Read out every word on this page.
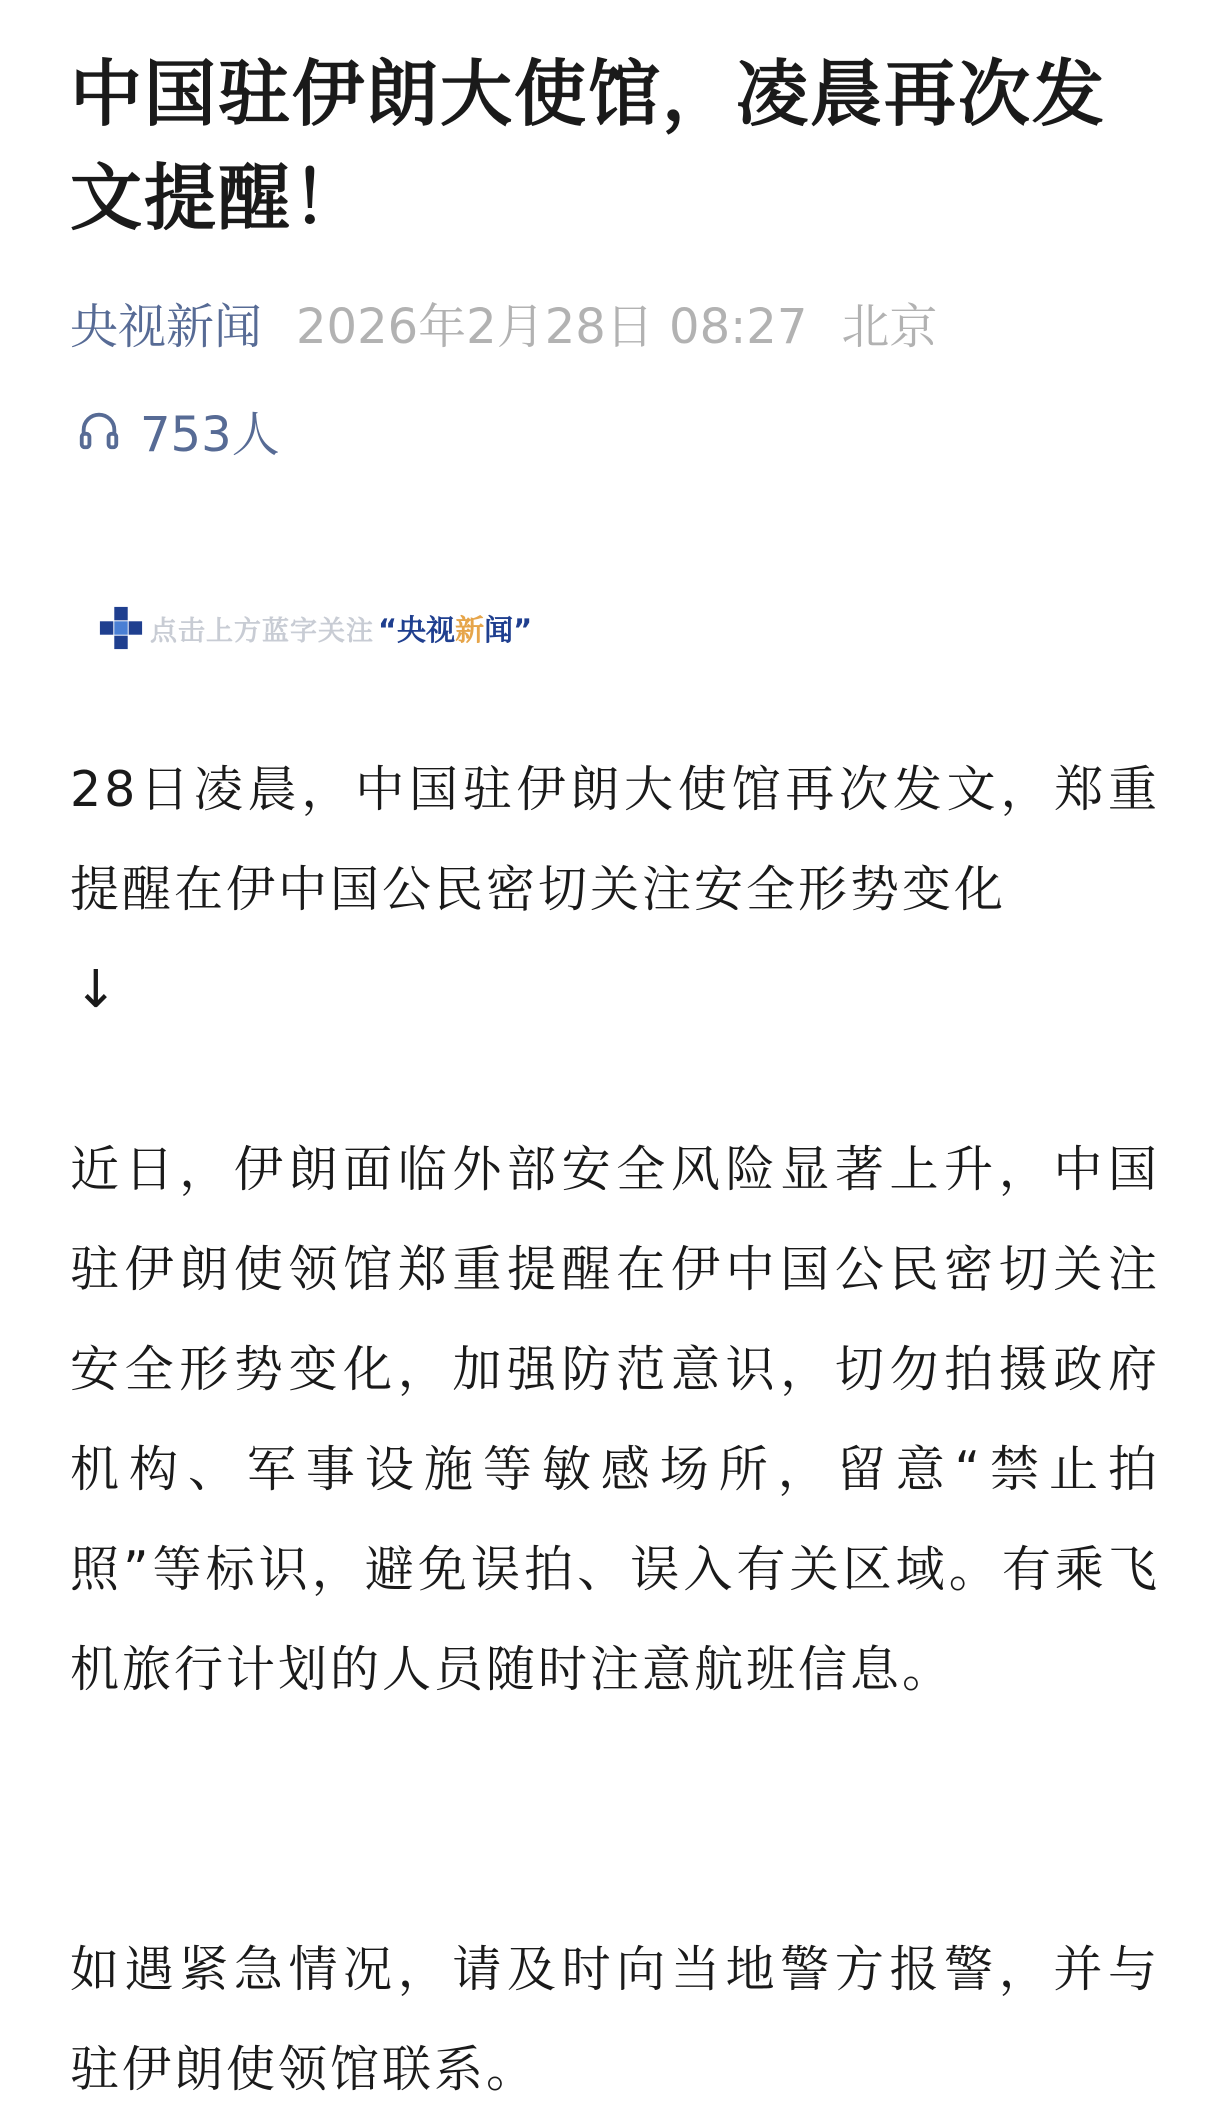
中国驻伊朗大使馆，凌晨再次发文提醒！
央视新闻 2026年2月28日 08:27 北京
753人
点击上方蓝字关注 “央视新闻”

28日凌晨，中国驻伊朗大使馆再次发文，郑重提醒在伊中国公民密切关注安全形势变化

↓

近日，伊朗面临外部安全风险显著上升，中国驻伊朗使领馆郑重提醒在伊中国公民密切关注安全形势变化，加强防范意识，切勿拍摄政府机构、军事设施等敏感场所，留意“禁止拍照”等标识，避免误拍、误入有关区域。有乘飞机旅行计划的人员随时注意航班信息。

如遇紧急情况，请及时向当地警方报警，并与驻伊朗使领馆联系。
